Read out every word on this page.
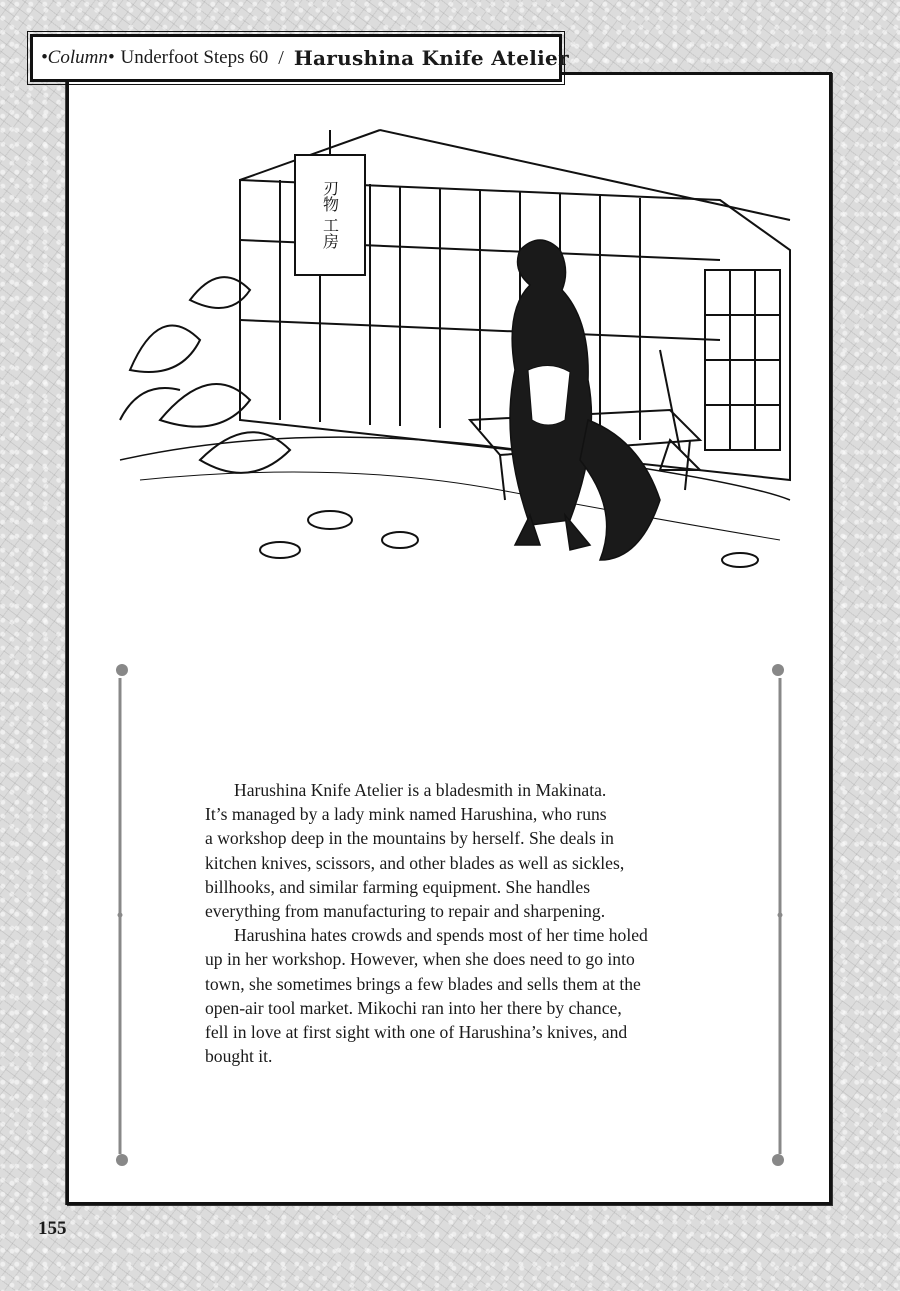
•Column• Underfoot Steps 60 / Harushina Knife Atelier
刃物 工房
Harushina Knife Atelier is a bladesmith in Makinata.
It’s managed by a lady mink named Harushina, who runs
a workshop deep in the mountains by herself. She deals in
kitchen knives, scissors, and other blades as well as sickles,
billhooks, and similar farming equipment. She handles
everything from manufacturing to repair and sharpening.
Harushina hates crowds and spends most of her time holed
up in her workshop. However, when she does need to go into
town, she sometimes brings a few blades and sells them at the
open-air tool market. Mikochi ran into her there by chance,
fell in love at first sight with one of Harushina’s knives, and
bought it.
155
